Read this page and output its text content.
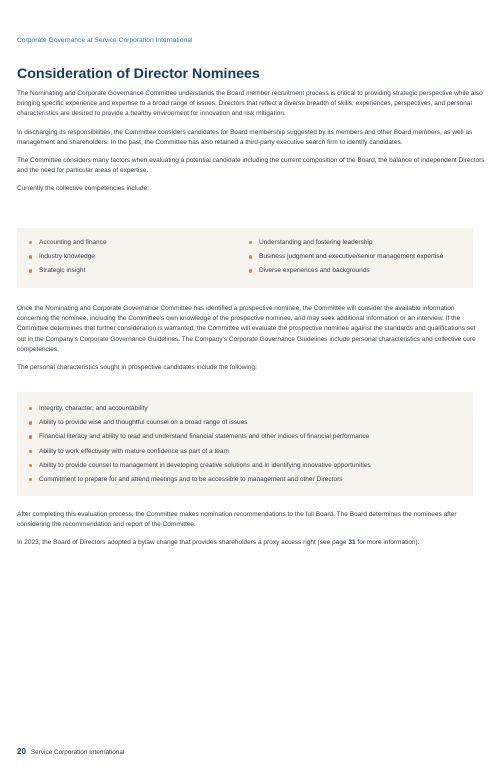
Corporate Governance at Service Corporation International
Consideration of Director Nominees

The Nominating and Corporate Governance Committee understands the Board member recruitment process is critical to providing strategic perspective while also bringing specific experience and expertise to a broad range of issues. Directors that reflect a diverse breadth of skills, experiences, perspectives, and personal characteristics are desired to provide a healthy environment for innovation and risk mitigation.

In discharging its responsibilities, the Committee considers candidates for Board membership suggested by its members and other Board members, as well as management and shareholders. In the past, the Committee has also retained a third-party executive search firm to identify candidates.

The Committee considers many factors when evaluating a potential candidate including the current composition of the Board, the balance of independent Directors and the need for particular areas of expertise.

Currently the collective competencies include:

Accounting and finance
Industry knowledge
Strategic insight
Understanding and fostering leadership
Business judgment and executive/senior management expertise
Diverse experiences and backgrounds

Once the Nominating and Corporate Governance Committee has identified a prospective nominee, the Committee will consider the available information concerning the nominee, including the Committee's own knowledge of the prospective nominee, and may seek additional information or an interview. If the Committee determines that further consideration is warranted, the Committee will evaluate the prospective nominee against the standards and qualifications set out in the Company's Corporate Governance Guidelines. The Company's Corporate Governance Guidelines include personal characteristics and collective core competencies.

The personal characteristics sought in prospective candidates include the following:

Integrity, character, and accountability
Ability to provide wise and thoughtful counsel on a broad range of issues
Financial literacy and ability to read and understand financial statements and other indices of financial performance
Ability to work effectively with mature confidence as part of a team
Ability to provide counsel to management in developing creative solutions and in identifying innovative opportunities
Commitment to prepare for and attend meetings and to be accessible to management and other Directors

After completing this evaluation process, the Committee makes nomination recommendations to the full Board. The Board determines the nominees after considering the recommendation and report of the Committee.

In 2023, the Board of Directors adopted a bylaw change that provides shareholders a proxy access right (see page 31 for more information).

20 Service Corporation International
